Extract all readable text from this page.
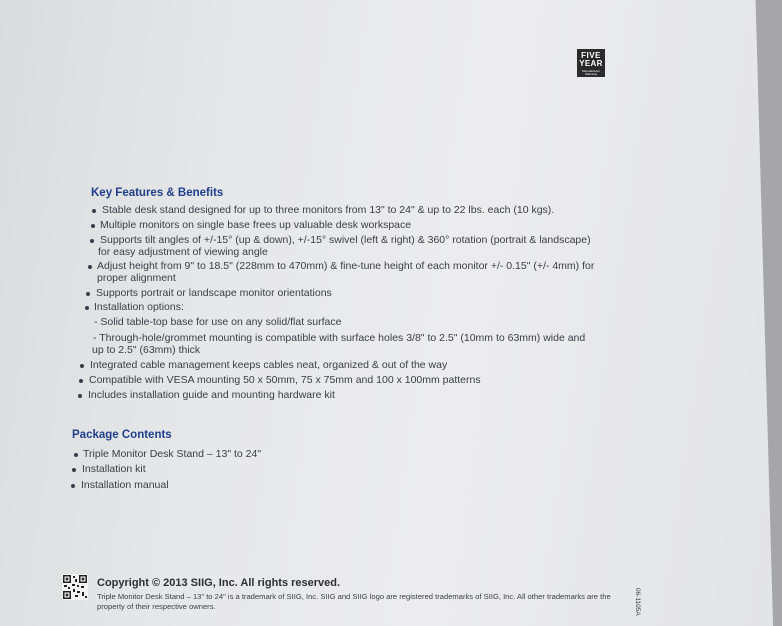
FIVE
YEAR
Manufacturer Warranty
Key Features & Benefits
Stable desk stand designed for up to three monitors from 13" to 24" & up to 22 lbs. each (10 kgs).
Multiple monitors on single base frees up valuable desk workspace
Supports tilt angles of +/-15° (up & down), +/-15° swivel (left & right) & 360° rotation (portrait & landscape)
for easy adjustment of viewing angle
Adjust height from 9" to 18.5" (228mm to 470mm) & fine-tune height of each monitor +/- 0.15" (+/- 4mm) for
proper alignment
Supports portrait or landscape monitor orientations
Installation options:
- Solid table-top base for use on any solid/flat surface
- Through-hole/grommet mounting is compatible with surface holes 3/8" to 2.5" (10mm to 63mm) wide and
up to 2.5" (63mm) thick
Integrated cable management keeps cables neat, organized & out of the way
Compatible with VESA mounting 50 x 50mm, 75 x 75mm and 100 x 100mm patterns
Includes installation guide and mounting hardware kit
Package Contents
Triple Monitor Desk Stand – 13" to 24"
Installation kit
Installation manual
Copyright © 2013 SIIG, Inc. All rights reserved.
Triple Monitor Desk Stand – 13" to 24" is a trademark of SIIG, Inc. SIIG and SIIG logo are registered trademarks of SIIG, Inc. All other trademarks are the property of their respective owners.	06-1105A
